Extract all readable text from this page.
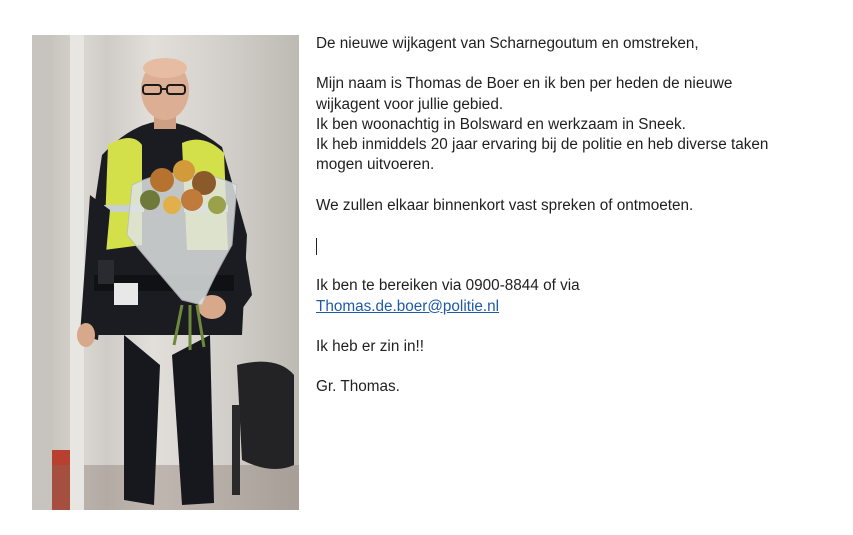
De nieuwe wijkagent van Scharnegoutum en omstreken,

Mijn naam is Thomas de Boer en ik ben per heden de nieuwe

wijkagent voor jullie gebied.

Ik ben woonachtig in Bolsward en werkzaam in Sneek.

Ik heb inmiddels 20 jaar ervaring bij de politie en heb diverse taken

mogen uitvoeren.

We zullen elkaar binnenkort vast spreken of ontmoeten.

Ik ben te bereiken via 0900-8844 of via

Thomas.de.boer@politie.nl

Ik heb er zin in!!

Gr. Thomas.
